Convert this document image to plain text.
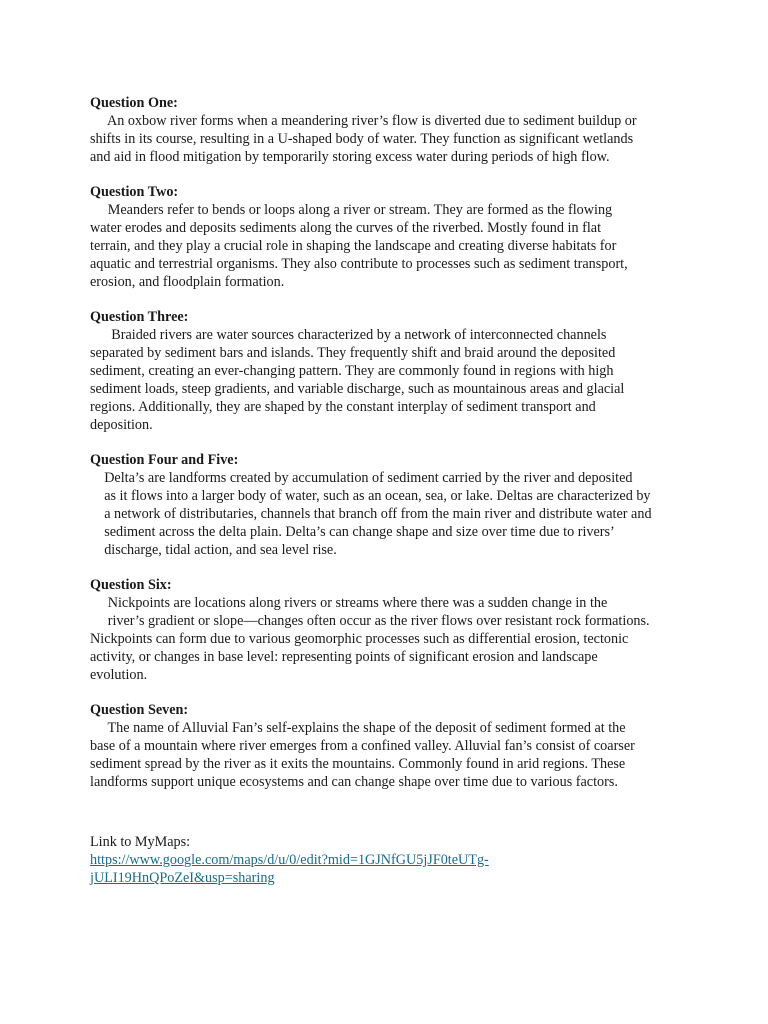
Question One:

An oxbow river forms when a meandering river’s flow is diverted due to sediment buildup or
shifts in its course, resulting in a U-shaped body of water. They function as significant wetlands
and aid in flood mitigation by temporarily storing excess water during periods of high flow.

Question Two:

Meanders refer to bends or loops along a river or stream. They are formed as the flowing
water erodes and deposits sediments along the curves of the riverbed. Mostly found in flat
terrain, and they play a crucial role in shaping the landscape and creating diverse habitats for
aquatic and terrestrial organisms. They also contribute to processes such as sediment transport,
erosion, and floodplain formation.

Question Three:

Braided rivers are water sources characterized by a network of interconnected channels
separated by sediment bars and islands. They frequently shift and braid around the deposited
sediment, creating an ever-changing pattern. They are commonly found in regions with high
sediment loads, steep gradients, and variable discharge, such as mountainous areas and glacial
regions. Additionally, they are shaped by the constant interplay of sediment transport and
deposition.

Question Four and Five:

Delta’s are landforms created by accumulation of sediment carried by the river and deposited
as it flows into a larger body of water, such as an ocean, sea, or lake. Deltas are characterized by
a network of distributaries, channels that branch off from the main river and distribute water and
sediment across the delta plain. Delta’s can change shape and size over time due to rivers’
discharge, tidal action, and sea level rise.

Question Six:

Nickpoints are locations along rivers or streams where there was a sudden change in the
river’s gradient or slope—changes often occur as the river flows over resistant rock formations.
Nickpoints can form due to various geomorphic processes such as differential erosion, tectonic
activity, or changes in base level: representing points of significant erosion and landscape
evolution.

Question Seven:

The name of Alluvial Fan’s self-explains the shape of the deposit of sediment formed at the
base of a mountain where river emerges from a confined valley. Alluvial fan’s consist of coarser
sediment spread by the river as it exits the mountains. Commonly found in arid regions. These
landforms support unique ecosystems and can change shape over time due to various factors.

Link to MyMaps:

https://www.google.com/maps/d/u/0/edit?mid=1GJNfGU5jJF0teUTg-
jULI19HnQPoZeI&usp=sharing
